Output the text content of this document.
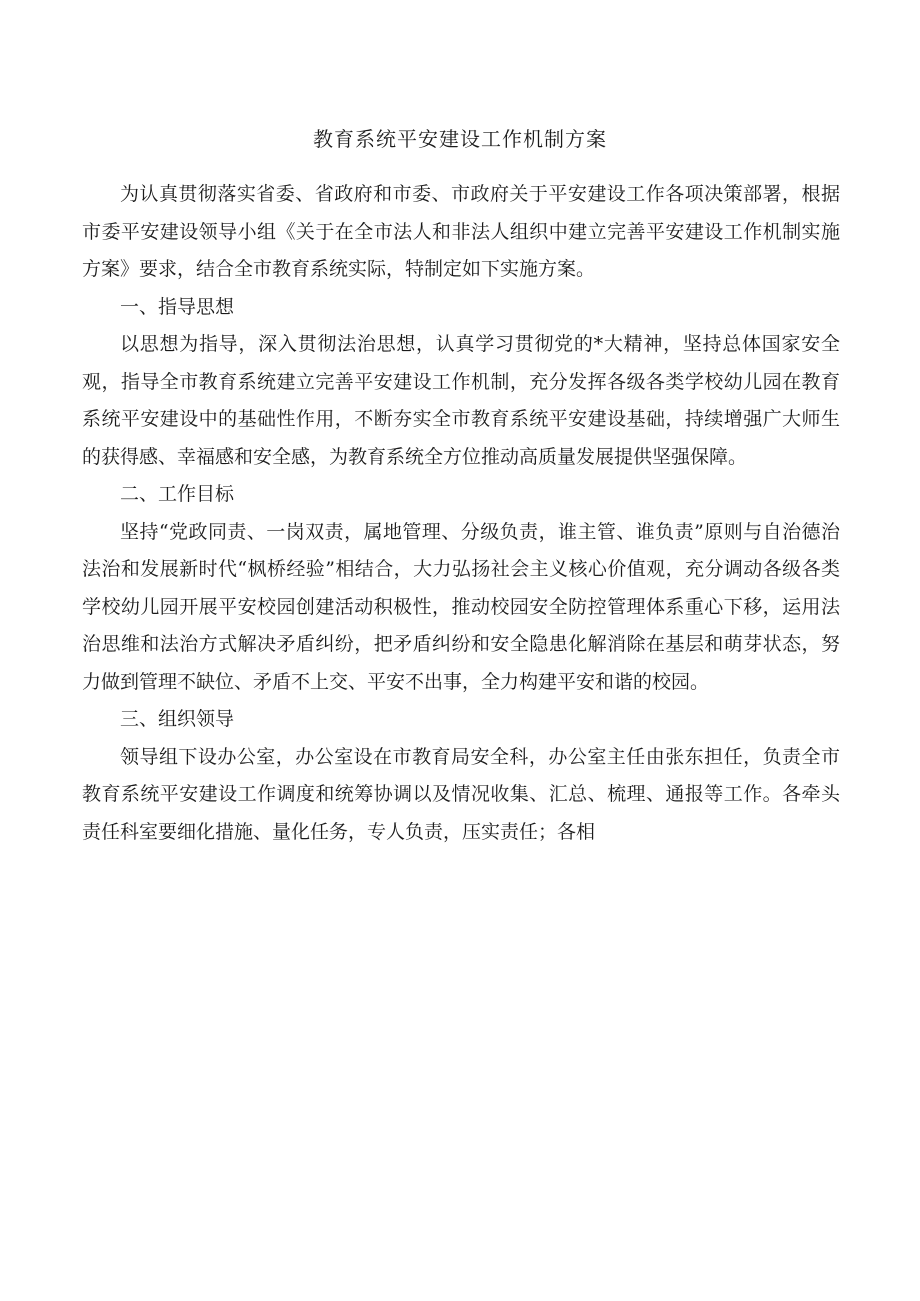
教育系统平安建设工作机制方案

为认真贯彻落实省委、省政府和市委、市政府关于平安建设工作各项决策部署，根据市委平安建设领导小组《关于在全市法人和非法人组织中建立完善平安建设工作机制实施方案》要求，结合全市教育系统实际，特制定如下实施方案。

一、指导思想

以思想为指导，深入贯彻法治思想，认真学习贯彻党的*大精神，坚持总体国家安全观，指导全市教育系统建立完善平安建设工作机制，充分发挥各级各类学校幼儿园在教育系统平安建设中的基础性作用，不断夯实全市教育系统平安建设基础，持续增强广大师生的获得感、幸福感和安全感，为教育系统全方位推动高质量发展提供坚强保障。

二、工作目标

坚持“党政同责、一岗双责，属地管理、分级负责，谁主管、谁负责”原则与自治德治法治和发展新时代“枫桥经验”相结合，大力弘扬社会主义核心价值观，充分调动各级各类学校幼儿园开展平安校园创建活动积极性，推动校园安全防控管理体系重心下移，运用法治思维和法治方式解决矛盾纠纷，把矛盾纠纷和安全隐患化解消除在基层和萌芽状态，努力做到管理不缺位、矛盾不上交、平安不出事，全力构建平安和谐的校园。

三、组织领导

领导组下设办公室，办公室设在市教育局安全科，办公室主任由张东担任，负责全市教育系统平安建设工作调度和统筹协调以及情况收集、汇总、梳理、通报等工作。各牵头责任科室要细化措施、量化任务，专人负责，压实责任；各相
